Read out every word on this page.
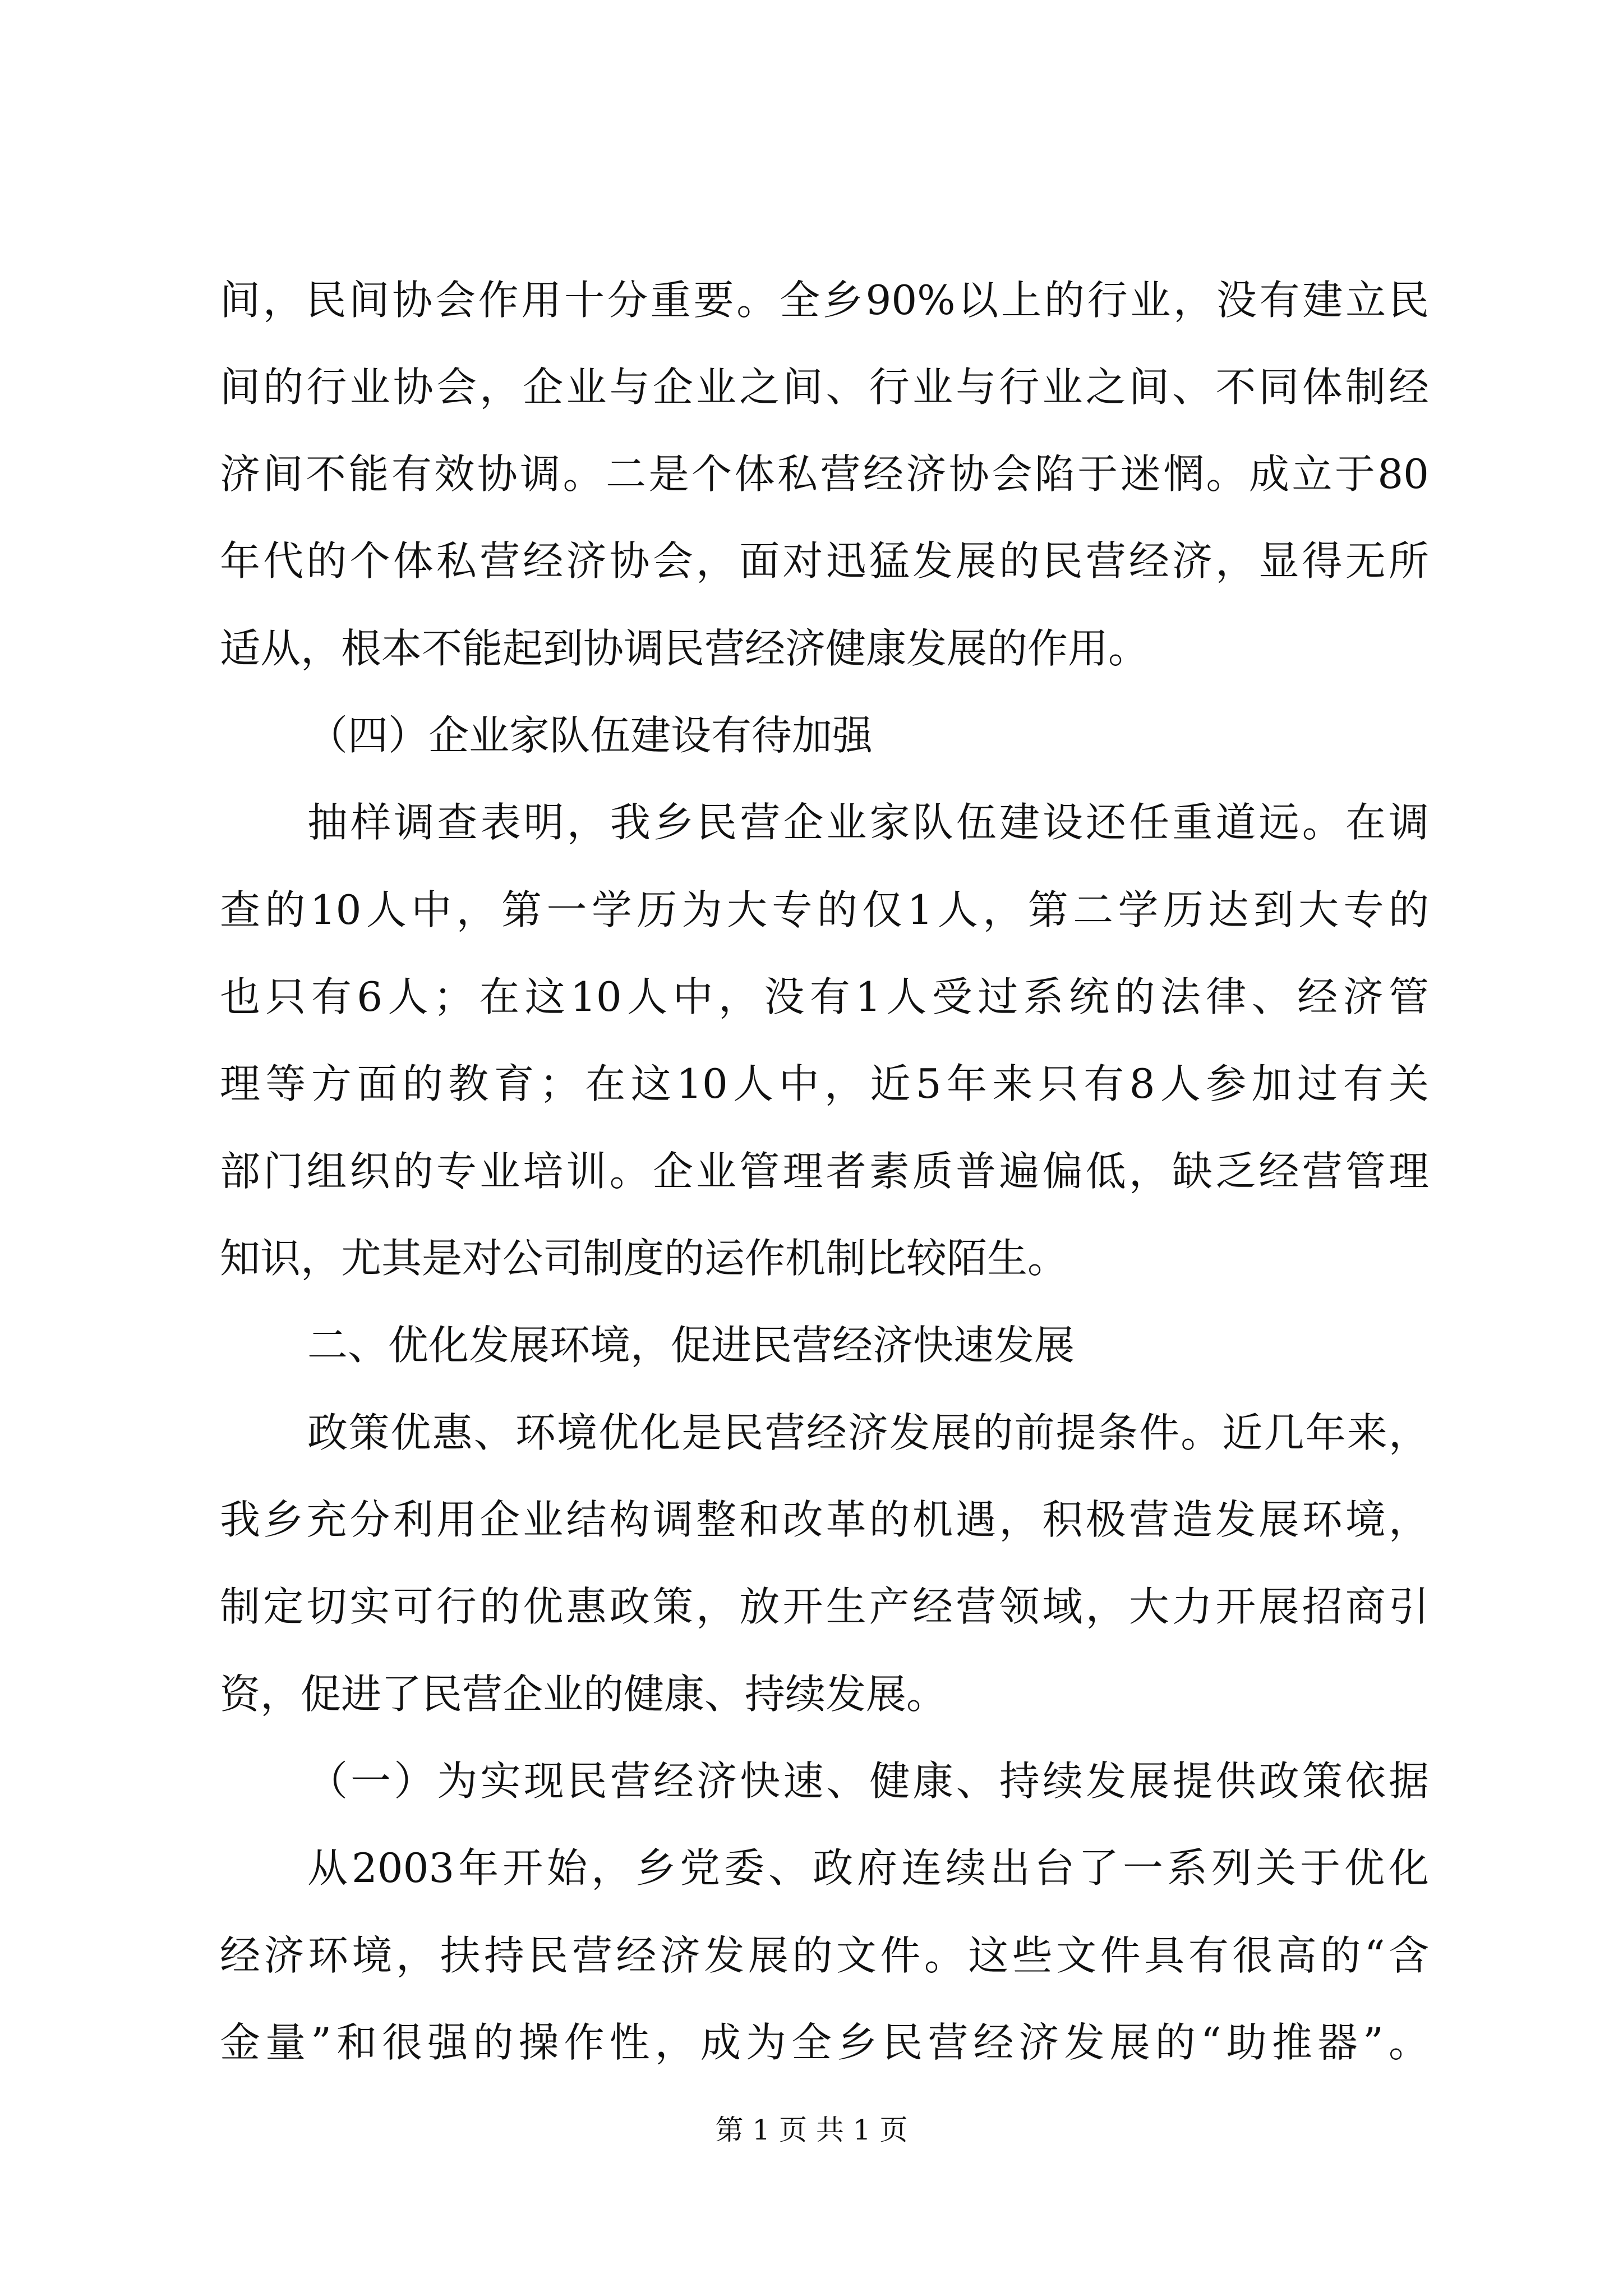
间，民间协会作用十分重要。全乡90%以上的行业，没有建立民
间的行业协会，企业与企业之间、行业与行业之间、不同体制经
济间不能有效协调。二是个体私营经济协会陷于迷惘。成立于80
年代的个体私营经济协会，面对迅猛发展的民营经济，显得无所
适从，根本不能起到协调民营经济健康发展的作用。
（四）企业家队伍建设有待加强
抽样调查表明，我乡民营企业家队伍建设还任重道远。在调
查的10人中，第一学历为大专的仅1人，第二学历达到大专的
也只有6人；在这10人中，没有1人受过系统的法律、经济管
理等方面的教育；在这10人中，近5年来只有8人参加过有关
部门组织的专业培训。企业管理者素质普遍偏低，缺乏经营管理
知识，尤其是对公司制度的运作机制比较陌生。
二、优化发展环境，促进民营经济快速发展
政策优惠、环境优化是民营经济发展的前提条件。近几年来，
我乡充分利用企业结构调整和改革的机遇，积极营造发展环境，
制定切实可行的优惠政策，放开生产经营领域，大力开展招商引
资，促进了民营企业的健康、持续发展。
（一）为实现民营经济快速、健康、持续发展提供政策依据
从2003年开始，乡党委、政府连续出台了一系列关于优化
经济环境，扶持民营经济发展的文件。这些文件具有很高的“含
金量”和很强的操作性，成为全乡民营经济发展的“助推器”。
第 1 页 共 1 页
